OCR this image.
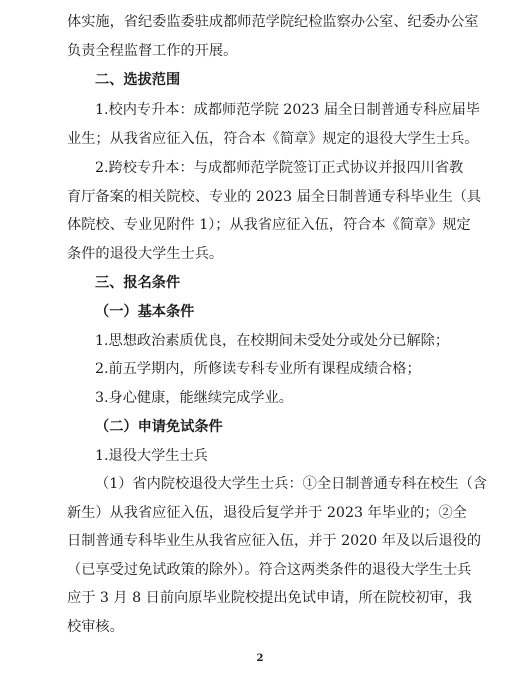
体实施，省纪委监委驻成都师范学院纪检监察办公室、纪委办公室
负责全程监督工作的开展。
二、选拔范围
1.校内专升本：成都师范学院 2023 届全日制普通专科应届毕
业生；从我省应征入伍，符合本《简章》规定的退役大学生士兵。
2.跨校专升本：与成都师范学院签订正式协议并报四川省教
育厅备案的相关院校、专业的 2023 届全日制普通专科毕业生（具
体院校、专业见附件 1）；从我省应征入伍，符合本《简章》规定
条件的退役大学生士兵。
三、报名条件
（一）基本条件
1.思想政治素质优良，在校期间未受处分或处分已解除；
2.前五学期内，所修读专科专业所有课程成绩合格；
3.身心健康，能继续完成学业。
（二）申请免试条件
1.退役大学生士兵
（1）省内院校退役大学生士兵：①全日制普通专科在校生（含
新生）从我省应征入伍，退役后复学并于 2023 年毕业的；②全
日制普通专科毕业生从我省应征入伍，并于 2020 年及以后退役的
（已享受过免试政策的除外）。符合这两类条件的退役大学生士兵
应于 3 月 8 日前向原毕业院校提出免试申请，所在院校初审，我
校审核。
2
